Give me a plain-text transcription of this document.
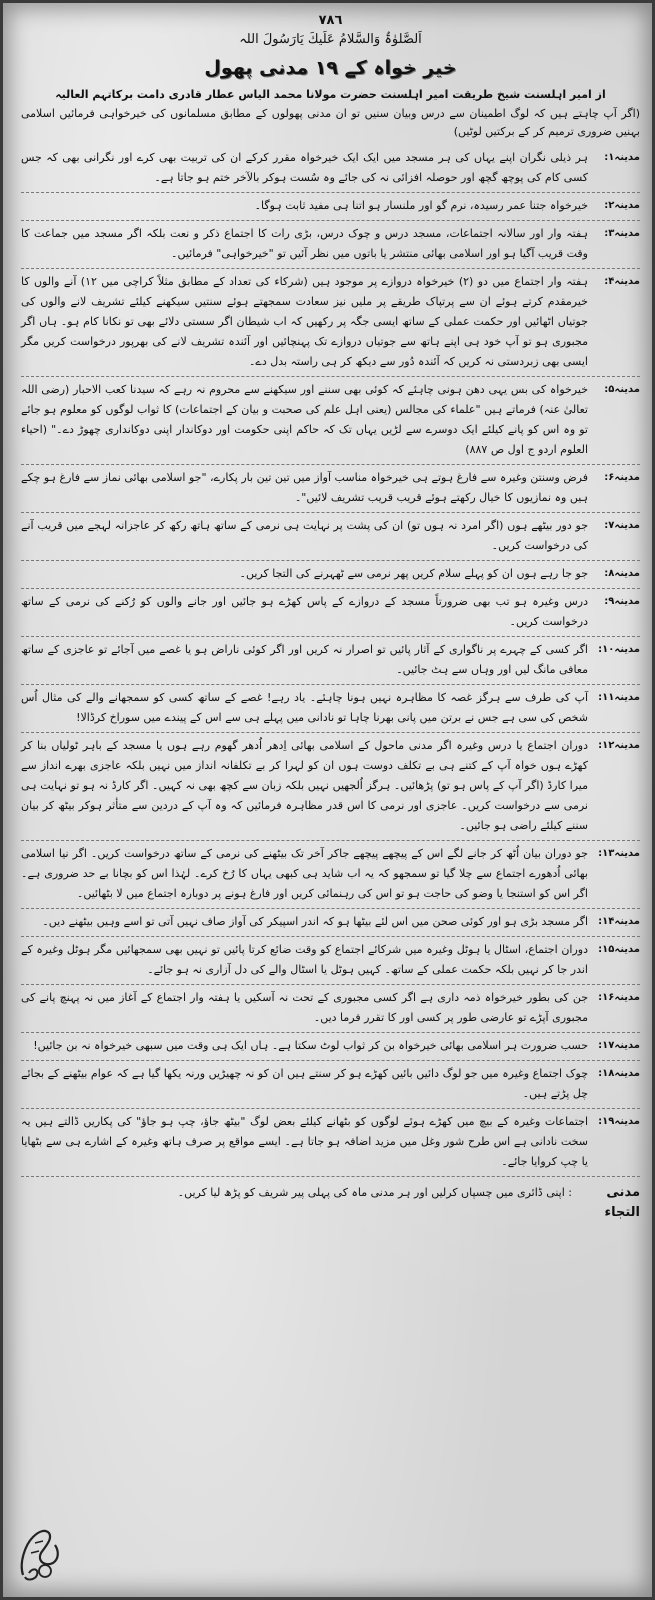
۷۸٦
اَلصَّلوٰۃُ وَالسَّلامُ عَلَیكَ یَارَسُولَ اللہ
خیر خواہ کے ۱۹ مدنی پھول
از امیر اہلسنت شیخ طریقت امیر اہلسنت حضرت مولانا محمد الیاس عطار قادری دامت برکاتہم العالیہ

(اگر آپ چاہتے ہیں کہ لوگ اطمینان سے درس وبیان سنیں تو ان مدنی پھولوں کے مطابق مسلمانوں کی خیرخواہی فرمائیں اسلامی بہنیں ضروری ترمیم کر کے برکتیں لوٹیں)

مدینہ۱:
ہر ذیلی نگران اپنے یہاں کی ہر مسجد میں ایک ایک خیرخواہ مقرر کرکے ان کی تربیت بھی کرے اور نگرانی بھی کہ جس کسی کام کی پوچھ گچھ اور حوصلہ افزائی نہ کی جائے وہ سُست ہوکر بالآخر ختم ہو جاتا ہے۔
مدینہ۲:
خیرخواہ جتنا عمر رسیدہ، نرم گو اور ملنسار ہو اتنا ہی مفید ثابت ہوگا۔
مدینہ۳:
ہفتہ وار اور سالانہ اجتماعات، مسجد درس و چوک درس، بڑی رات کا اجتماع ذکر و نعت بلکہ اگر مسجد میں جماعت کا وقت قریب آگیا ہو اور اسلامی بھائی منتشر یا باتوں میں نظر آئیں تو "خیرخواہی" فرمائیں۔
مدینہ۴:
ہفتہ وار اجتماع میں دو (۲) خیرخواہ دروازے پر موجود ہیں (شرکاء کی تعداد کے مطابق مثلاً کراچی میں ۱۲) آنے والوں کا خیرمقدم کرتے ہوئے ان سے پرتپاک طریقے پر ملیں نیز سعادت سمجھتے ہوئے سنتیں سیکھنے کیلئے تشریف لانے والوں کی جوتیاں اٹھائیں اور حکمت عملی کے ساتھ ایسی جگہ پر رکھیں کہ اب شیطان اگر سستی دلائے بھی تو نکانا کام ہو۔ ہاں اگر مجبوری ہو تو آپ خود ہی اپنے ہاتھ سے جوتیاں دروازے تک پہنچائیں اور آئندہ تشریف لانے کی بھرپور درخواست کریں مگر ایسی بھی زبردستی نہ کریں کہ آئندہ دُور سے دیکھ کر ہی راستہ بدل دے۔
مدینہ۵:
خیرخواہ کی بس یہی دھن ہونی چاہئے کہ کوئی بھی سننے اور سیکھنے سے محروم نہ رہے کہ سیدنا کعب الاحبار (رضی اللہ تعالیٰ عنہ) فرماتے ہیں "علماء کی مجالس (یعنی اہل علم کی صحبت و بیان کے اجتماعات) کا ثواب لوگوں کو معلوم ہو جائے تو وہ اس کو پانے کیلئے ایک دوسرے سے لڑیں یہاں تک کہ حاکم اپنی حکومت اور دوکاندار اپنی دوکانداری چھوڑ دے۔" (احیاء العلوم اردو ج اول ص ۸۸۷)
مدینہ۶:
فرض وسنتن وغیرہ سے فارغ ہوتے ہی خیرخواہ مناسب آواز میں تین تین بار پکارے، "جو اسلامی بھائی نماز سے فارغ ہو چکے ہیں وہ نمازیوں کا خیال رکھتے ہوئے قریب قریب تشریف لائیں"۔
مدینہ۷:
جو دور بیٹھے ہوں (اگر امرد نہ ہوں تو) ان کی پشت پر نہایت ہی نرمی کے ساتھ ہاتھ رکھ کر عاجزانہ لہجے میں قریب آنے کی درخواست کریں۔
مدینہ۸:
جو جا رہے ہوں ان کو پہلے سلام کریں پھر نرمی سے ٹھہرنے کی التجا کریں۔
مدینہ۹:
درس وغیرہ ہو تب بھی ضرورتاً مسجد کے دروازے کے پاس کھڑے ہو جائیں اور جانے والوں کو رُکنے کی نرمی کے ساتھ درخواست کریں۔
مدینہ۱۰:
اگر کسی کے چہرے پر ناگواری کے آثار پائیں تو اصرار نہ کریں اور اگر کوئی ناراض ہو یا غصے میں آجائے تو عاجزی کے ساتھ معافی مانگ لیں اور وہاں سے ہٹ جائیں۔
مدینہ۱۱:
آپ کی طرف سے ہرگز غصہ کا مظاہرہ نہیں ہونا چاہئے۔ یاد رہے! غصے کے ساتھ کسی کو سمجھانے والے کی مثال اُس شخص کی سی ہے جس نے برتن میں پانی بھرنا چاہا تو نادانی میں پہلے ہی سے اس کے پیندے میں سوراخ کرڈالا!
مدینہ۱۲:
دوران اجتماع یا درس وغیرہ اگر مدنی ماحول کے اسلامی بھائی اِدھر اُدھر گھوم رہے ہوں یا مسجد کے باہر ٹولیاں بنا کر کھڑے ہوں خواہ آپ کے کتنے ہی بے تکلف دوست ہوں ان کو لہرا کر بے تکلفانہ انداز میں نہیں بلکہ عاجزی بھرے انداز سے میرا کارڈ (اگر آپ کے پاس ہو تو) پڑھائیں۔ ہرگز اُلجھیں نہیں بلکہ زبان سے کچھ بھی نہ کہیں۔ اگر کارڈ نہ ہو تو نہایت ہی نرمی سے درخواست کریں۔ عاجزی اور نرمی کا اس قدر مظاہرہ فرمائیں کہ وہ آپ کے دردین سے متأثر ہوکر بیٹھ کر بیان سننے کیلئے راضی ہو جائیں۔
مدینہ۱۳:
جو دوران بیان اُٹھ کر جانے لگے اس کے پیچھے پیچھے جاکر آخر تک بیٹھنے کی نرمی کے ساتھ درخواست کریں۔ اگر نیا اسلامی بھائی اُدھورے اجتماع سے چلا گیا تو سمجھو کہ یہ اب شاید ہی کبھی یہاں کا رُخ کرے۔ لہٰذا اس کو بچانا بے حد ضروری ہے۔ اگر اس کو استنجا یا وضو کی حاجت ہو تو اس کی رہنمائی کریں اور فارغ ہونے پر دوبارہ اجتماع میں لا بٹھائیں۔
مدینہ۱۴:
اگر مسجد بڑی ہو اور کوئی صحن میں اس لئے بیٹھا ہو کہ اندر اسپیکر کی آواز صاف نہیں آتی تو اسے وہیں بیٹھنے دیں۔
مدینہ۱۵:
دوران اجتماع، اسٹال یا ہوٹل وغیرہ میں شرکائے اجتماع کو وقت ضائع کرتا پائیں تو نہیں بھی سمجھائیں مگر ہوٹل وغیرہ کے اندر جا کر نہیں بلکہ حکمت عملی کے ساتھ۔ کہیں ہوٹل یا اسٹال والے کی دل آزاری نہ ہو جائے۔
مدینہ۱۶:
جن کی بطور خیرخواہ ذمہ داری ہے اگر کسی مجبوری کے تحت نہ آسکیں یا ہفتہ وار اجتماع کے آغاز میں نہ پہنچ پانے کی مجبوری آپڑے تو عارضی طور پر کسی اور کا تقرر فرما دیں۔
مدینہ۱۷:
حسب ضرورت ہر اسلامی بھائی خیرخواہ بن کر ثواب لوٹ سکتا ہے۔ ہاں ایک ہی وقت میں سبھی خیرخواہ نہ بن جائیں!
مدینہ۱۸:
چوک اجتماع وغیرہ میں جو لوگ دائیں بائیں کھڑے ہو کر سنتے ہیں ان کو نہ چھیڑیں ورنہ یکھا گیا ہے کہ عوام بیٹھنے کے بجائے چل پڑتے ہیں۔
مدینہ۱۹:
اجتماعات وغیرہ کے بیچ میں کھڑے ہوئے لوگوں کو بٹھانے کیلئے بعض لوگ "بیٹھ جاؤ، چپ ہو جاؤ" کی پکاریں ڈالتے ہیں یہ سخت نادانی ہے اس طرح شور وغل میں مزید اضافہ ہو جاتا ہے۔ ایسے مواقع پر صرف ہاتھ وغیرہ کے اشارے ہی سے بٹھایا یا چپ کروایا جائے۔
مدنی التجاء
: اپنی ڈائری میں چسپاں کرلیں اور ہر مدنی ماہ کی پہلی پیر شریف کو پڑھ لیا کریں۔
